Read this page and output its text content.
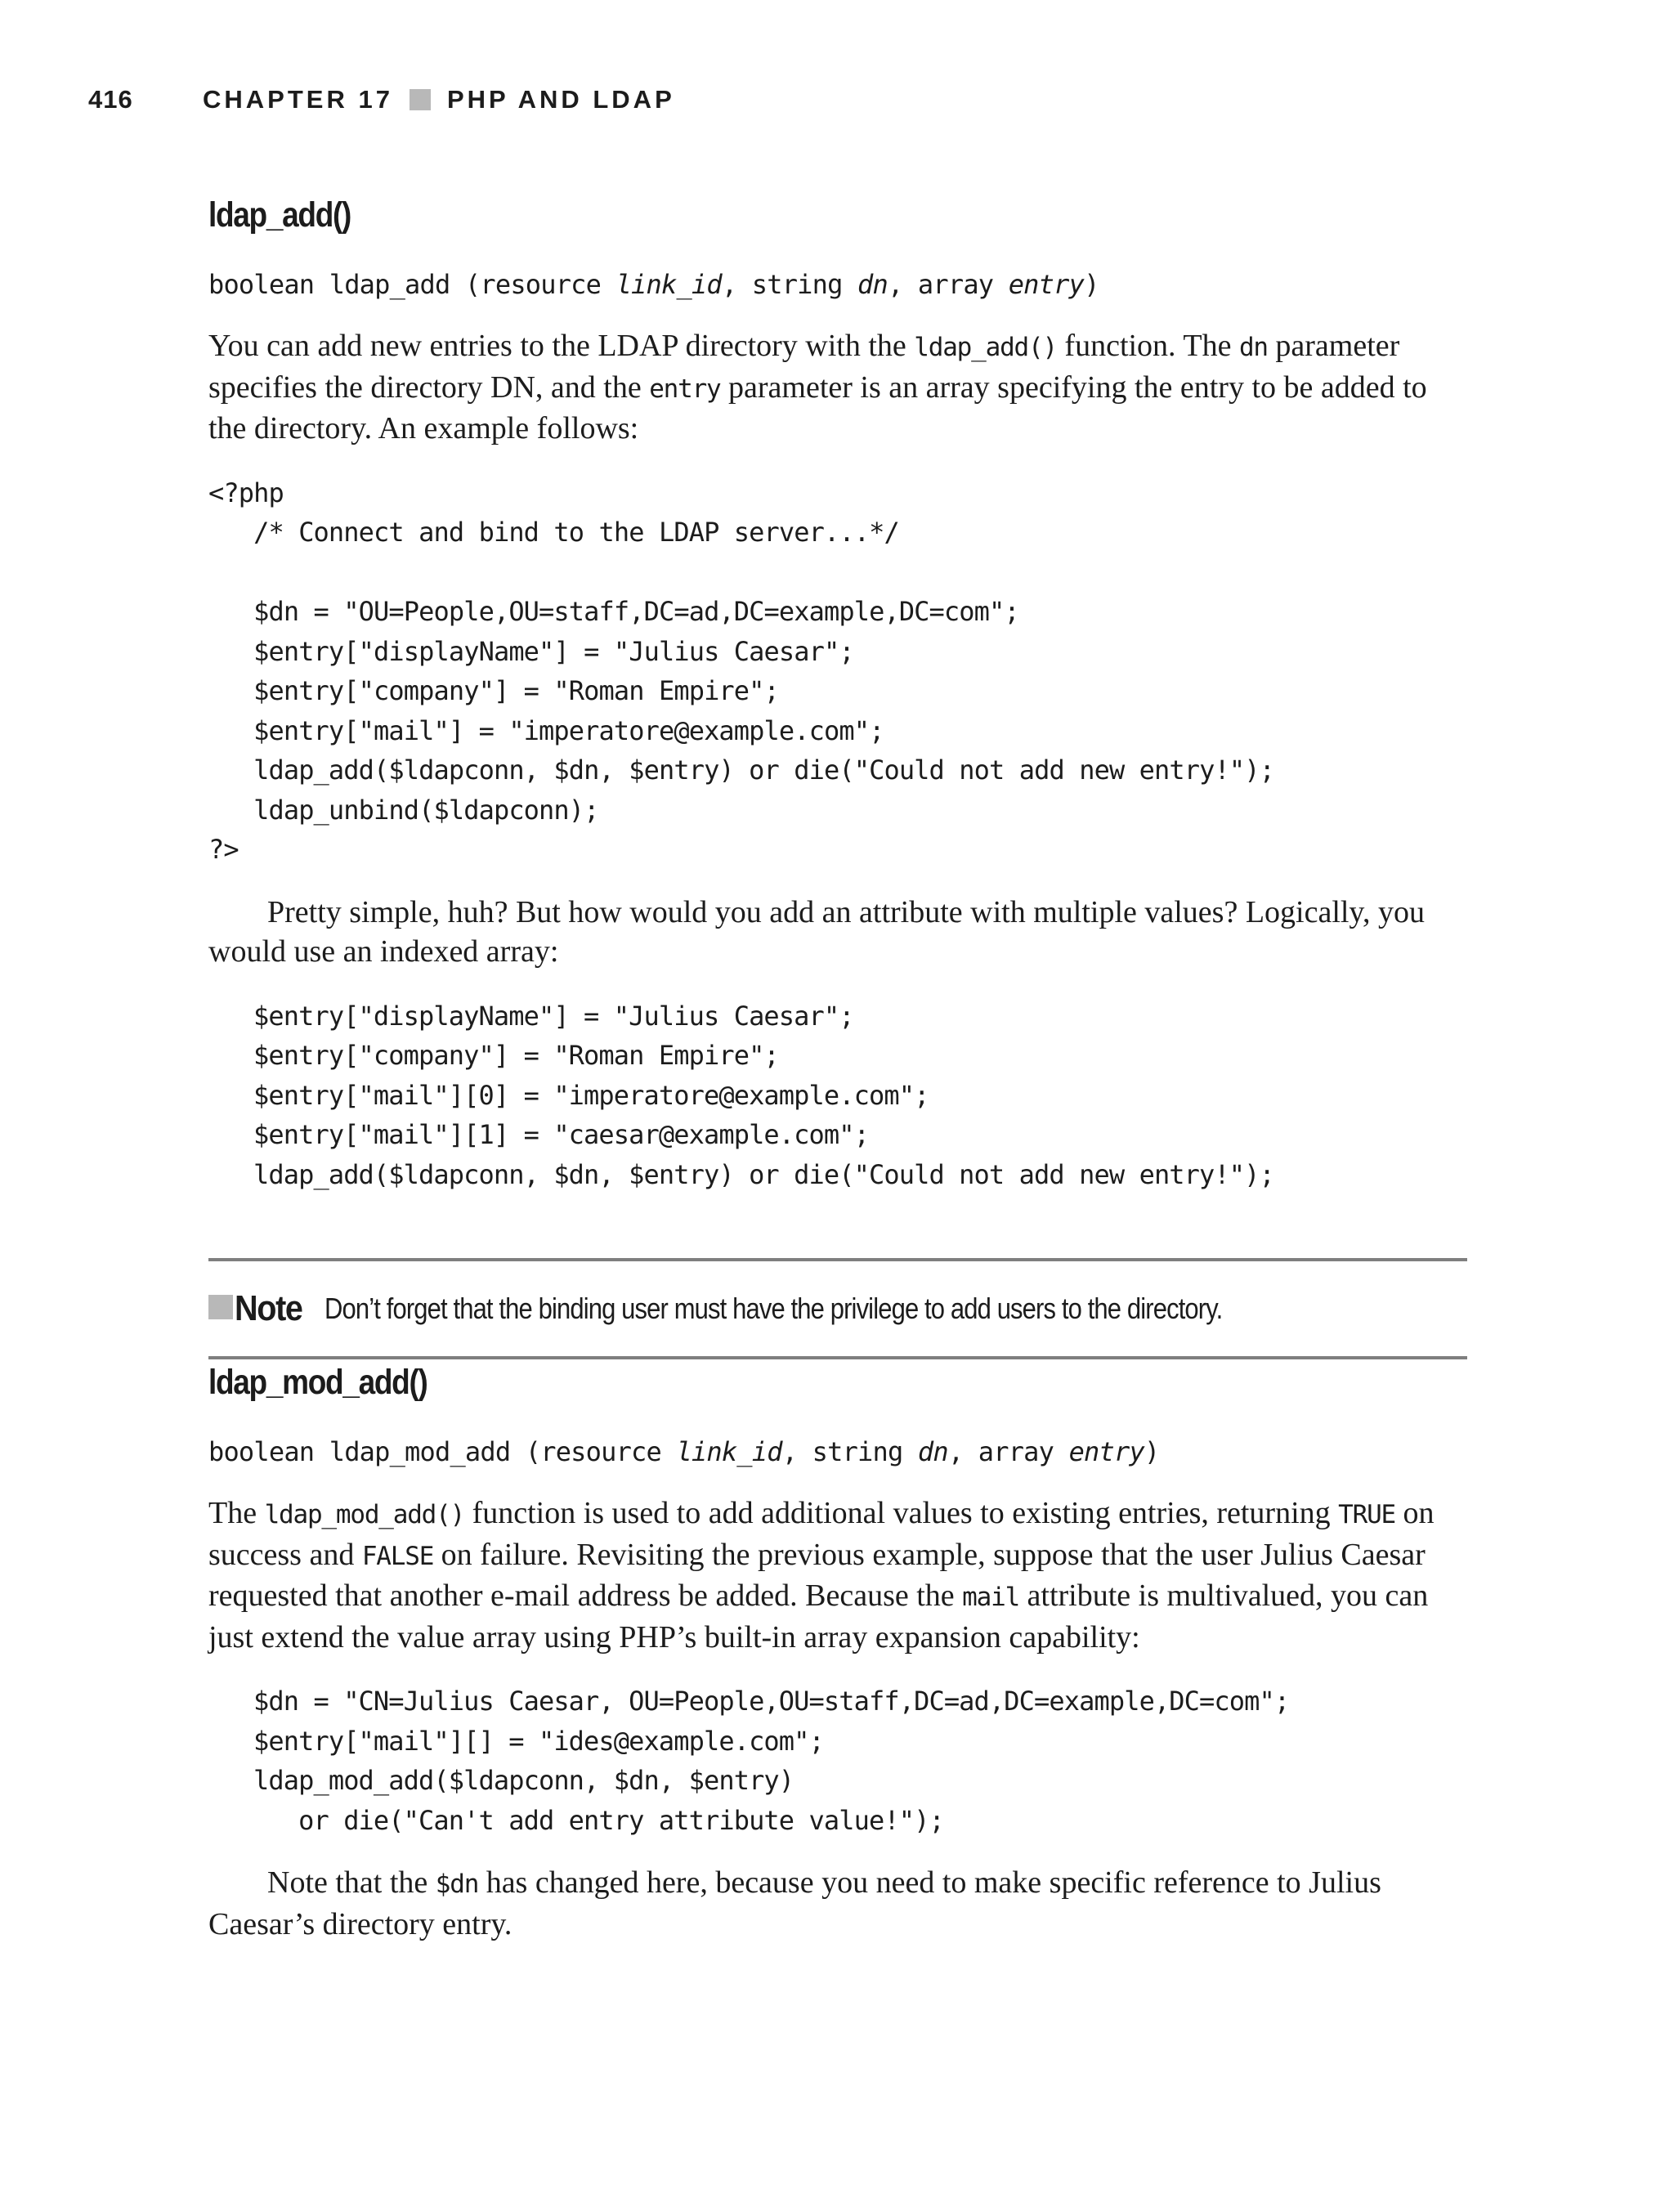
416	CHAPTER 17 PHP AND LDAP
ldap_add()
boolean ldap_add (resource link_id, string dn, array entry)

You can add new entries to the LDAP directory with the ldap_add() function. The dn parameter specifies the directory DN, and the entry parameter is an array specifying the entry to be added to the directory. An example follows:

<?php
/* Connect and bind to the LDAP server...*/

$dn = "OU=People,OU=staff,DC=ad,DC=example,DC=com";
$entry["displayName"] = "Julius Caesar";
$entry["company"] = "Roman Empire";
$entry["mail"] = "imperatore@example.com";
ldap_add($ldapconn, $dn, $entry) or die("Could not add new entry!");
ldap_unbind($ldapconn);
?>

Pretty simple, huh? But how would you add an attribute with multiple values? Logically, you would use an indexed array:

$entry["displayName"] = "Julius Caesar";
$entry["company"] = "Roman Empire";
$entry["mail"][0] = "imperatore@example.com";
$entry["mail"][1] = "caesar@example.com";
ldap_add($ldapconn, $dn, $entry) or die("Could not add new entry!");
Note Don’t forget that the binding user must have the privilege to add users to the directory.
ldap_mod_add()
boolean ldap_mod_add (resource link_id, string dn, array entry)

The ldap_mod_add() function is used to add additional values to existing entries, returning TRUE on success and FALSE on failure. Revisiting the previous example, suppose that the user Julius Caesar requested that another e-mail address be added. Because the mail attribute is multivalued, you can just extend the value array using PHP’s built-in array expansion capability:

$dn = "CN=Julius Caesar, OU=People,OU=staff,DC=ad,DC=example,DC=com";
$entry["mail"][] = "ides@example.com";
ldap_mod_add($ldapconn, $dn, $entry)
or die("Can't add entry attribute value!");

Note that the $dn has changed here, because you need to make specific reference to Julius Caesar’s directory entry.
